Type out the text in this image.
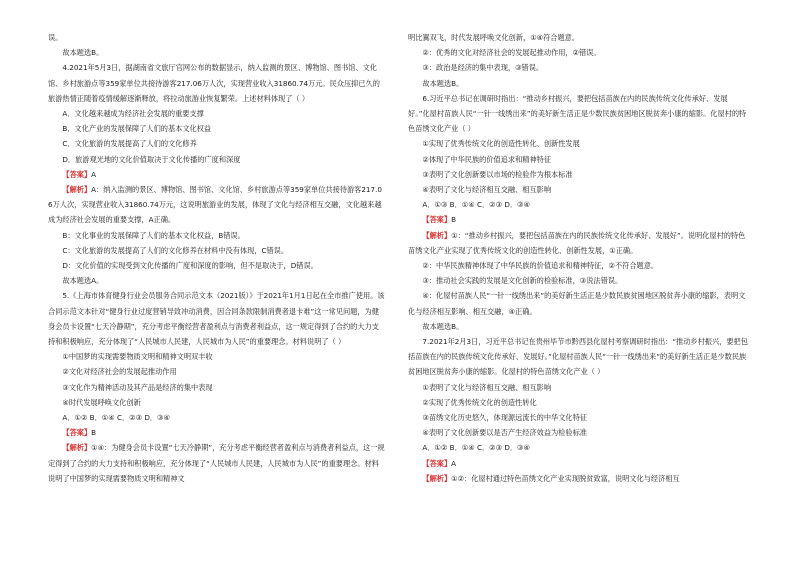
误。

故本题选B。

4.2021年5月3日，据湖南省文旅厅官网公布的数据显示，纳入监测的景区、博物馆、图书馆、文化馆、乡村旅游点等359家单位共接待游客217.06万人次，实现营业收入31860.74万元。民众压抑已久的旅游热情正随着疫情缓解逐渐释放，将拉动旅游业恢复繁荣。上述材料体现了（ ）

A．文化越来越成为经济社会发展的重要支撑

B．文化产业的发展保障了人们的基本文化权益

C．文化旅游的发展提高了人们的文化修养

D．旅游观光地的文化价值取决于文化传播的广度和深度

【答案】A

【解析】A：纳入监测的景区、博物馆、图书馆、文化馆、乡村旅游点等359家单位共接待游客217.06万人次，实现营业收入31860.74万元，这说明旅游业的发展，体现了文化与经济相互交融，文化越来越成为经济社会发展的重要支撑，A正确。

B：文化事业的发展保障了人们的基本文化权益，B错误。

C：文化旅游的发展提高了人们的文化修养在材料中没有体现，C错误。

D：文化价值的实现受到文化传播的广度和深度的影响，但不是取决于，D错误。

故本题选A。

5.《上海市体育健身行业会员服务合同示范文本（2021版）》于2021年1月1日起在全市推广使用。该合同示范文本针对“健身行业过度营销导致冲动消费，因合同条款限制消费者退卡难”这一常见问题，为健身会员卡设置“七天冷静期”，充分考虑平衡经营者盈利点与消费者利益点，这一规定得到了合约的大力支持和积极响应，充分体现了“人民城市人民建，人民城市为人民”的重要理念。材料说明了（ ）

①中国梦的实现需要物质文明和精神文明双丰收

②文化对经济社会的发展起推动作用

③文化作为精神活动及其产品是经济的集中表现

④时代发展呼唤文化创新

A．①② B．①④ C．②③ D．③④

【答案】B

【解析】①④：为健身会员卡设置“七天冷静期”，充分考虑平衡经营者盈利点与消费者利益点，这一规定得到了合约的大力支持和积极响应，充分体现了“人民城市人民建，人民城市为人民”的重要理念。材料说明了中国梦的实现需要物质文明和精神文

明比翼双飞，时代发展呼唤文化创新，①④符合题意。

②：优秀的文化对经济社会的发展起推动作用，②错误。

③：政治是经济的集中表现，③错误。

故本题选B。

6.习近平总书记在调研时指出：“推动乡村振兴，要把包括苗族在内的民族传统文化传承好、发展好。”化屋村苗族人民“一针一线绣出来”的美好新生活正是少数民族贫困地区脱贫奔小康的缩影。化屋村的特色苗绣文化产业（ ）

①实现了优秀传统文化的创造性转化、创新性发展

②体现了中华民族的价值追求和精神特征

③表明了文化创新要以市场的检验作为根本标准

④表明了文化与经济相互交融、相互影响

A．①③ B．①④ C．②③ D．③④

【答案】B

【解析】①：“推动乡村振兴，要把包括苗族在内的民族传统文化传承好、发展好”。说明化屋村的特色苗绣文化产业实现了优秀传统文化的创造性转化、创新性发展，①正确。

②：中华民族精神体现了中华民族的价值追求和精神特征，②不符合题意。

③：推动社会实践的发展是文化创新的检验标准，③说法错误。

④：化屋村苗族人民“一针一线绣出来”的美好新生活正是少数民族贫困地区脱贫奔小康的缩影，表明文化与经济相互影响、相互交融，④正确。

故本题选B。

7.2021年2月3日，习近平总书记在贵州毕节市黔西县化屋村考察调研时指出：“推动乡村振兴，要把包括苗族在内的民族传统文化传承好、发展好。”化屋村苗族人民“一针一线绣出来”的美好新生活正是少数民族贫困地区脱贫奔小康的缩影。化屋村的特色苗绣文化产业（ ）

①表明了文化与经济相互交融、相互影响

②实现了优秀传统文化的创造性转化

③苗绣文化历史悠久，体现源远流长的中华文化特征

④表明了文化创新要以是否产生经济效益为检验标准

A．①② B．①④ C．②③ D．③④

【答案】A

【解析】①②：化屋村通过特色苗绣文化产业实现脱贫致富，说明文化与经济相互
